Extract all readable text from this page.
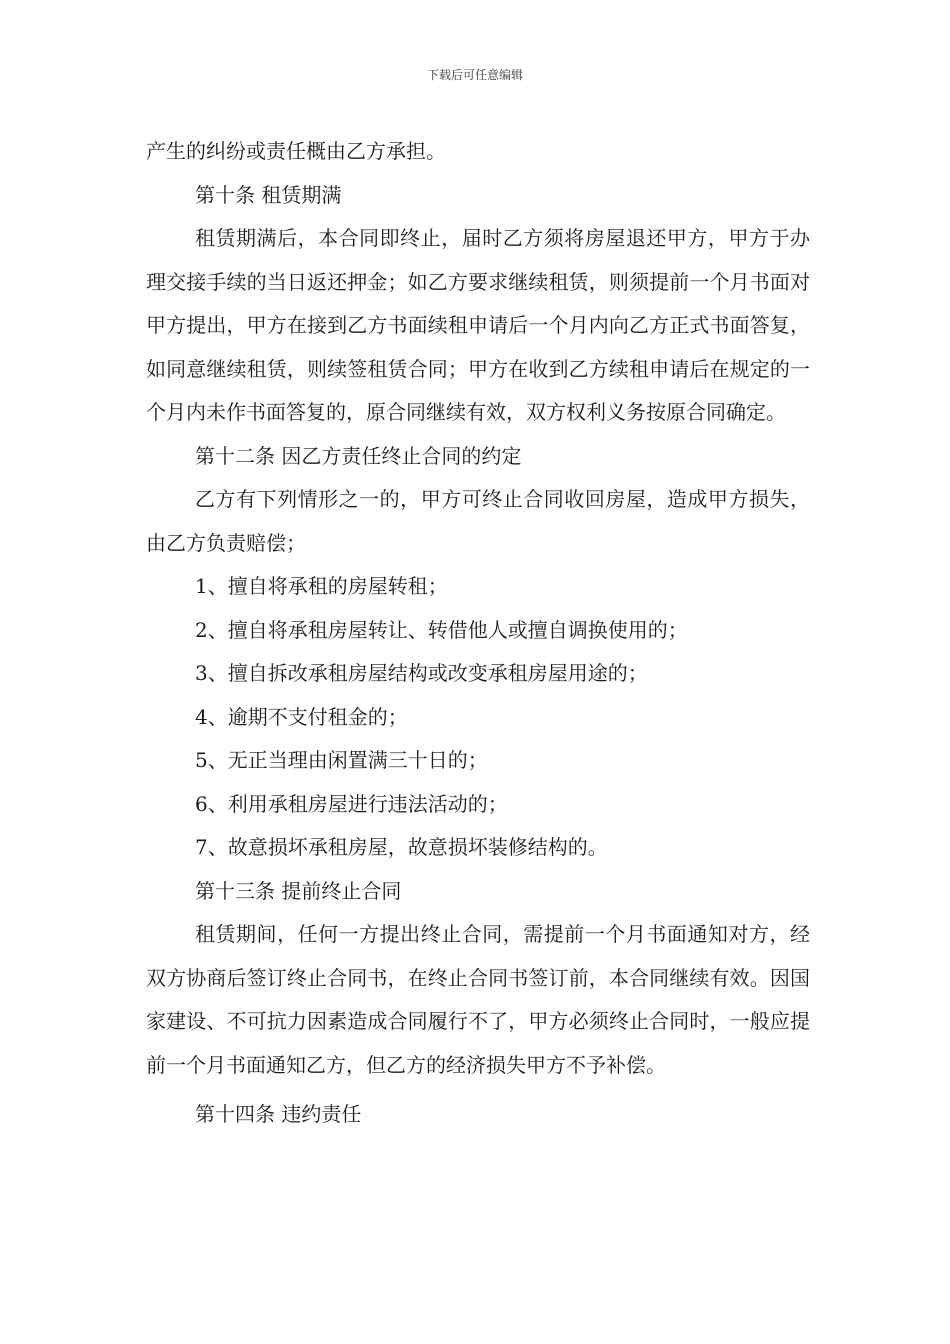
下载后可任意编辑

产生的纠纷或责任概由乙方承担。

第十条 租赁期满

租赁期满后，本合同即终止，届时乙方须将房屋退还甲方，甲方于办理交接手续的当日返还押金；如乙方要求继续租赁，则须提前一个月书面对甲方提出，甲方在接到乙方书面续租申请后一个月内向乙方正式书面答复，如同意继续租赁，则续签租赁合同；甲方在收到乙方续租申请后在规定的一个月内未作书面答复的，原合同继续有效，双方权利义务按原合同确定。

第十二条 因乙方责任终止合同的约定

乙方有下列情形之一的，甲方可终止合同收回房屋，造成甲方损失，由乙方负责赔偿；

1、擅自将承租的房屋转租；

2、擅自将承租房屋转让、转借他人或擅自调换使用的；

3、擅自拆改承租房屋结构或改变承租房屋用途的；

4、逾期不支付租金的；

5、无正当理由闲置满三十日的；

6、利用承租房屋进行违法活动的；

7、故意损坏承租房屋，故意损坏装修结构的。

第十三条 提前终止合同

租赁期间，任何一方提出终止合同，需提前一个月书面通知对方，经双方协商后签订终止合同书，在终止合同书签订前，本合同继续有效。因国家建设、不可抗力因素造成合同履行不了，甲方必须终止合同时，一般应提前一个月书面通知乙方，但乙方的经济损失甲方不予补偿。

第十四条 违约责任
